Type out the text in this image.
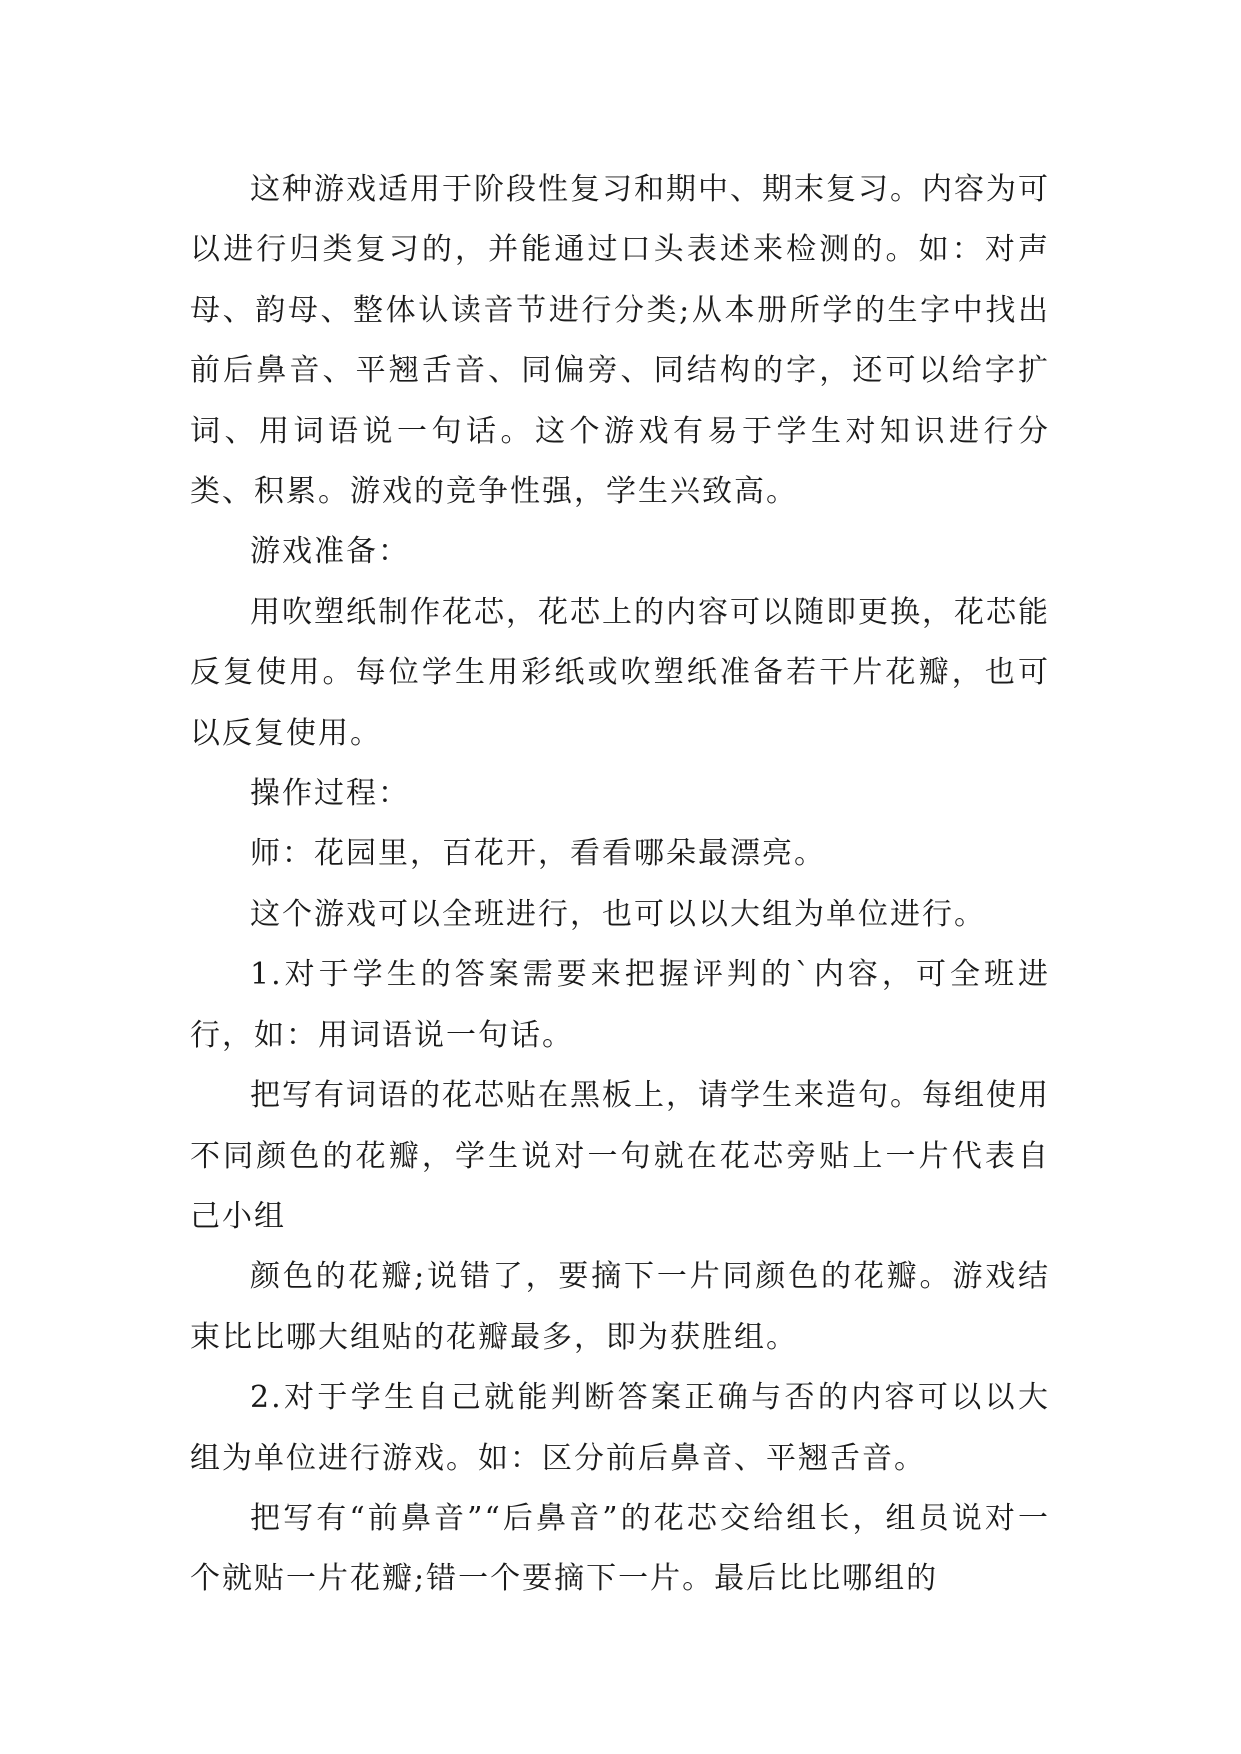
这种游戏适用于阶段性复习和期中、期末复习。内容为可以进行归类复习的，并能通过口头表述来检测的。如：对声母、韵母、整体认读音节进行分类;从本册所学的生字中找出前后鼻音、平翘舌音、同偏旁、同结构的字，还可以给字扩词、用词语说一句话。这个游戏有易于学生对知识进行分类、积累。游戏的竞争性强，学生兴致高。

游戏准备：

用吹塑纸制作花芯，花芯上的内容可以随即更换，花芯能反复使用。每位学生用彩纸或吹塑纸准备若干片花瓣，也可以反复使用。

操作过程：

师：花园里，百花开，看看哪朵最漂亮。

这个游戏可以全班进行，也可以以大组为单位进行。

1.对于学生的答案需要来把握评判的`内容，可全班进行，如：用词语说一句话。

把写有词语的花芯贴在黑板上，请学生来造句。每组使用不同颜色的花瓣，学生说对一句就在花芯旁贴上一片代表自己小组

颜色的花瓣;说错了，要摘下一片同颜色的花瓣。游戏结束比比哪大组贴的花瓣最多，即为获胜组。

2.对于学生自己就能判断答案正确与否的内容可以以大组为单位进行游戏。如：区分前后鼻音、平翘舌音。

把写有“前鼻音”“后鼻音”的花芯交给组长，组员说对一个就贴一片花瓣;错一个要摘下一片。最后比比哪组的
